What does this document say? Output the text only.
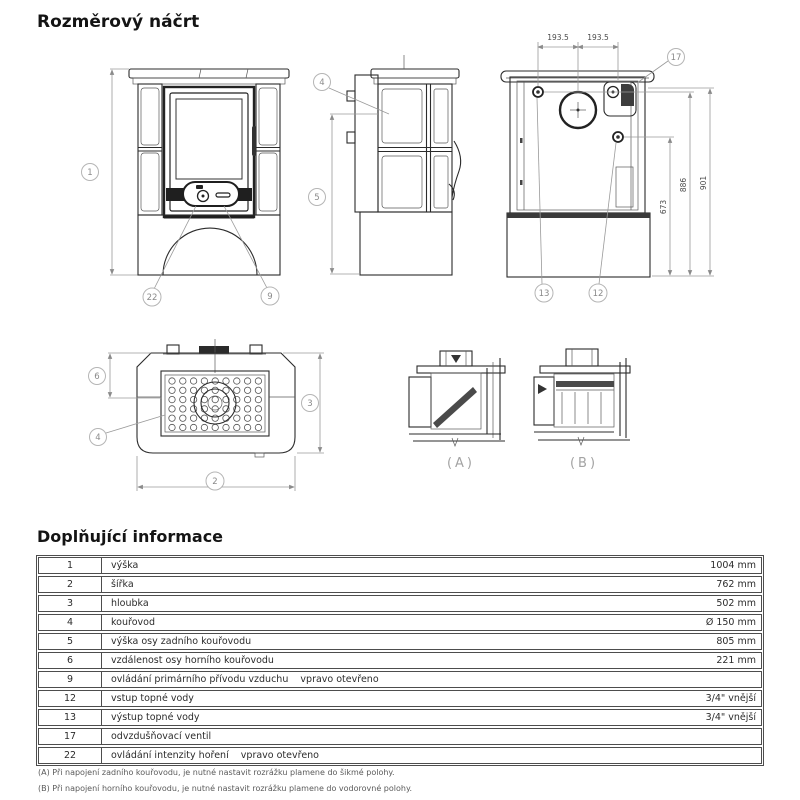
Rozměrový náčrt
1
22	9
4
5
193.5 193.5
673
886 901
17
13	12
6
3
4
2
(A)	(B)
Doplňující informace
1	výška	1004 mm
2	šířka	762 mm
3	hloubka	502 mm
4	kouřovod	Ø 150 mm
5	výška osy zadního kouřovodu	805 mm
6	vzdálenost osy horního kouřovodu	221 mm
9	ovládání primárního přívodu vzduchu    vpravo otevřeno
12	vstup topné vody	3/4" vnější
13	výstup topné vody	3/4" vnější
17	odvzdušňovací ventil
22	ovládání intenzity hoření    vpravo otevřeno
(A) Při napojení zadního kouřovodu, je nutné nastavit rozrážku plamene do šikmé polohy.
(B) Při napojení horního kouřovodu, je nutné nastavit rozrážku plamene do vodorovné polohy.
